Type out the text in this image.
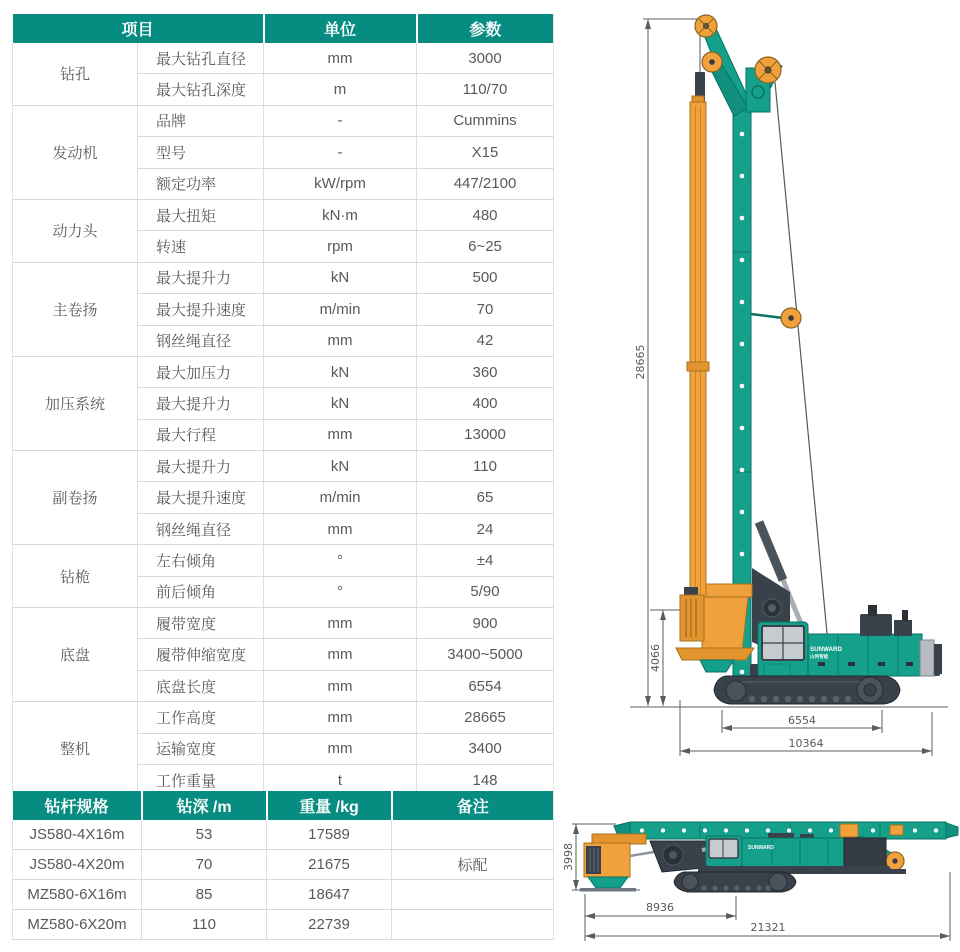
项目		单位	参数
钻孔	最大钻孔直径	mm	3000
	最大钻孔深度	m	110/70
发动机	品牌	-	Cummins
	型号	-	X15
	额定功率	kW/rpm	447/2100
动力头	最大扭矩	kN·m	480
	转速	rpm	6~25
主卷扬	最大提升力	kN	500
	最大提升速度	m/min	70
	钢丝绳直径	mm	42
加压系统	最大加压力	kN	360
	最大提升力	kN	400
	最大行程	mm	13000
副卷扬	最大提升力	kN	110
	最大提升速度	m/min	65
	钢丝绳直径	mm	24
钻桅	左右倾角	°	±4
	前后倾角	°	5/90
底盘	履带宽度	mm	900
	履带伸缩宽度	mm	3400~5000
	底盘长度	mm	6554
整机	工作高度	mm	28665
	运输宽度	mm	3400
	工作重量	t	148
钻杆规格	钻深 /m	重量 /kg	备注
JS580-4X16m	53	17589	
JS580-4X20m	70	21675	标配
MZ580-6X16m	85	18647	
MZ580-6X20m	110	22739	
28665
4066	SUNWARD
山河智能
6554
10364
3998	SUNWARD
8936
21321
